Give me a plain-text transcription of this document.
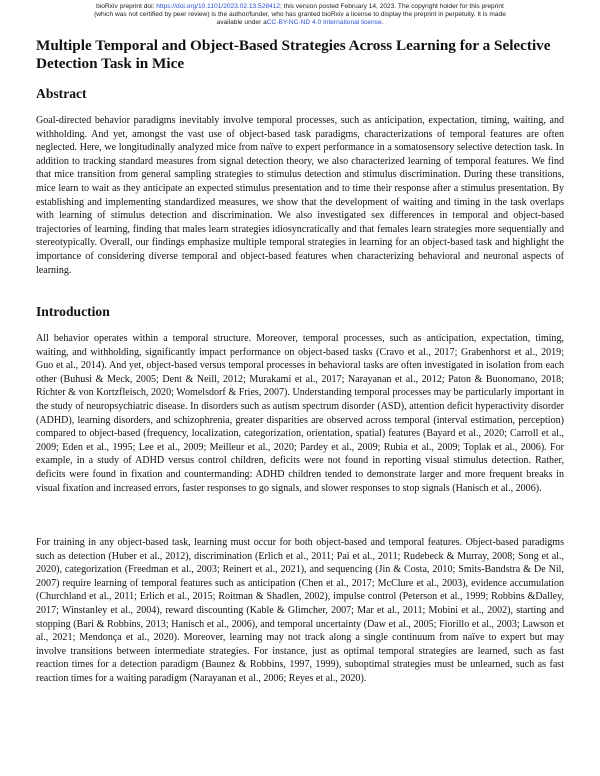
bioRxiv preprint doi: https://doi.org/10.1101/2023.02.13.528412; this version posted February 14, 2023. The copyright holder for this preprint
(which was not certified by peer review) is the author/funder, who has granted bioRxiv a license to display the preprint in perpetuity. It is made
available under aCC-BY-NC-ND 4.0 International license.
Multiple Temporal and Object-Based Strategies Across Learning for a Selective Detection Task in Mice
Abstract

Goal-directed behavior paradigms inevitably involve temporal processes, such as anticipation, expectation, timing, waiting, and withholding. And yet, amongst the vast use of object-based task paradigms, characterizations of temporal features are often neglected. Here, we longitudinally analyzed mice from naïve to expert performance in a somatosensory selective detection task. In addition to tracking standard measures from signal detection theory, we also characterized learning of temporal features. We find that mice transition from general sampling strategies to stimulus detection and stimulus discrimination. During these transitions, mice learn to wait as they anticipate an expected stimulus presentation and to time their response after a stimulus presentation. By establishing and implementing standardized measures, we show that the development of waiting and timing in the task overlaps with learning of stimulus detection and discrimination. We also investigated sex differences in temporal and object-based trajectories of learning, finding that males learn strategies idiosyncratically and that females learn strategies more sequentially and stereotypically. Overall, our findings emphasize multiple temporal strategies in learning for an object-based task and highlight the importance of considering diverse temporal and object-based features when characterizing behavioral and neuronal aspects of learning.

Introduction

All behavior operates within a temporal structure. Moreover, temporal processes, such as anticipation, expectation, timing, waiting, and withholding, significantly impact performance on object-based tasks (Cravo et al., 2017; Grabenhorst et al., 2019; Guo et al., 2014). And yet, object-based versus temporal processes in behavioral tasks are often investigated in isolation from each other (Buhusi & Meck, 2005; Dent & Neill, 2012; Murakami et al., 2017; Narayanan et al., 2012; Paton & Buonomano, 2018; Richter & von Kortzfleisch, 2020; Womelsdorf & Fries, 2007). Understanding temporal processes may be particularly important in the study of neuropsychiatric disease. In disorders such as autism spectrum disorder (ASD), attention deficit hyperactivity disorder (ADHD), learning disorders, and schizophrenia, greater disparities are observed across temporal (interval estimation, perception) compared to object-based (frequency, localization, categorization, orientation, spatial) features (Bayard et al., 2020; Carroll et al., 2009; Eden et al., 1995; Lee et al., 2009; Meilleur et al., 2020; Pardey et al., 2009; Rubia et al., 2009; Toplak et al., 2006). For example, in a study of ADHD versus control children, deficits were not found in reporting visual stimulus detection. Rather, deficits were found in fixation and countermanding: ADHD children tended to demonstrate larger and more frequent breaks in visual fixation and increased errors, faster responses to go signals, and slower responses to stop signals (Hanisch et al., 2006).

For training in any object-based task, learning must occur for both object-based and temporal features. Object-based paradigms such as detection (Huber et al., 2012), discrimination (Erlich et al., 2011; Pai et al., 2011; Rudebeck & Murray, 2008; Song et al., 2020), categorization (Freedman et al., 2003; Reinert et al., 2021), and sequencing (Jin & Costa, 2010; Smits-Bandstra & De Nil, 2007) require learning of temporal features such as anticipation (Chen et al., 2017; McClure et al., 2003), evidence accumulation (Churchland et al., 2011; Erlich et al., 2015; Roitman & Shadlen, 2002), impulse control (Peterson et al., 1999; Robbins &Dalley, 2017; Winstanley et al., 2004), reward discounting (Kable & Glimcher, 2007; Mar et al., 2011; Mobini et al., 2002), starting and stopping (Bari & Robbins, 2013; Hanisch et al., 2006), and temporal uncertainty (Daw et al., 2005; Fiorillo et al., 2003; Lawson et al., 2021; Mendonça et al., 2020). Moreover, learning may not track along a single continuum from naïve to expert but may involve transitions between intermediate strategies. For instance, just as optimal temporal strategies are learned, such as fast reaction times for a detection paradigm (Baunez & Robbins, 1997, 1999), suboptimal strategies must be unlearned, such as fast reaction times for a waiting paradigm (Narayanan et al., 2006; Reyes et al., 2020).
